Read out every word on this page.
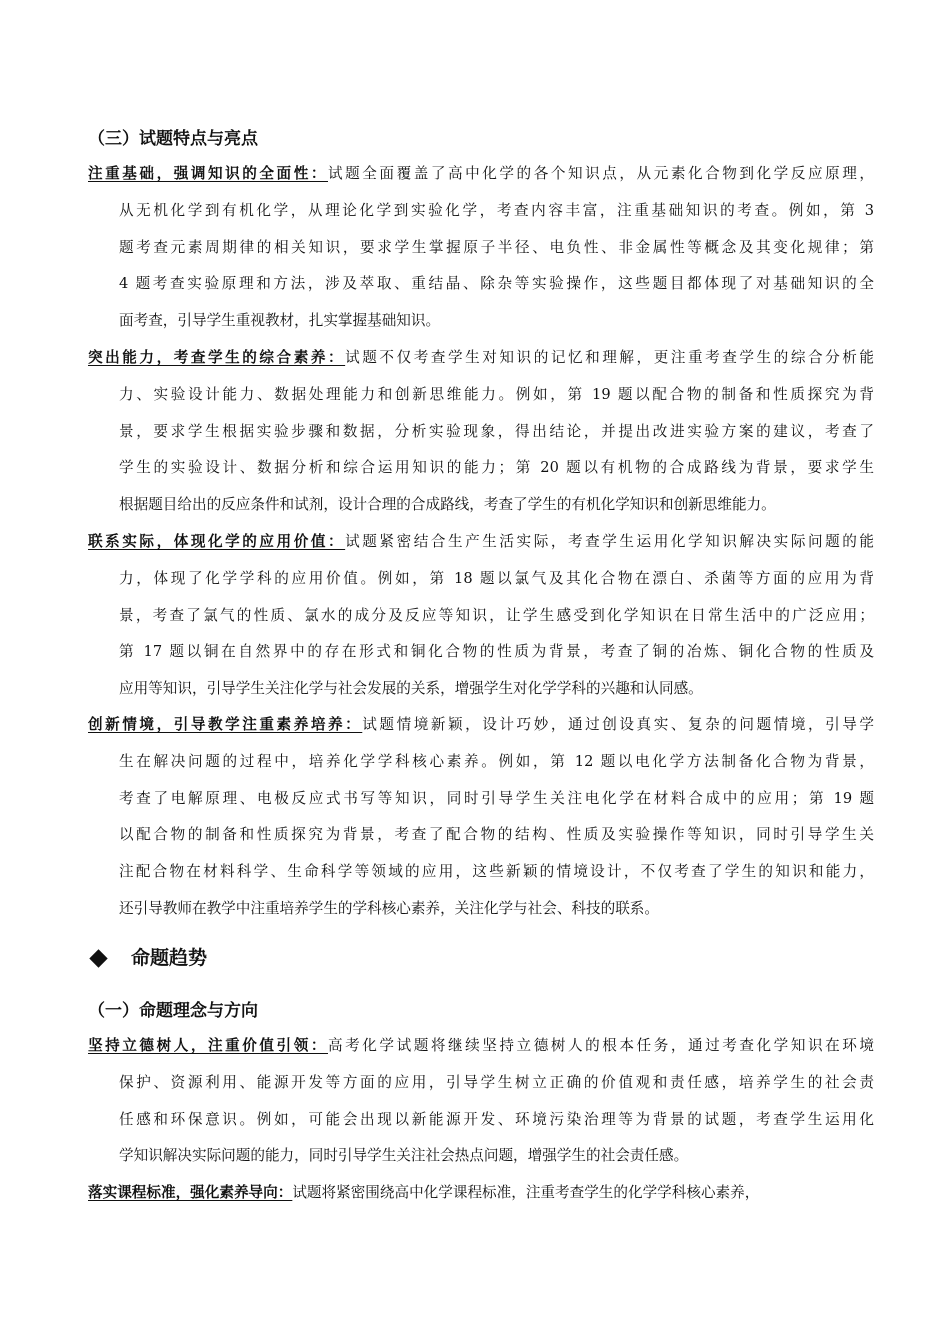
（三）试题特点与亮点
注重基础，强调知识的全面性：试题全面覆盖了高中化学的各个知识点，从元素化合物到化学反应原理，
从无机化学到有机化学，从理论化学到实验化学，考查内容丰富，注重基础知识的考查。例如，第 3
题考查元素周期律的相关知识，要求学生掌握原子半径、电负性、非金属性等概念及其变化规律；第
4 题考查实验原理和方法，涉及萃取、重结晶、除杂等实验操作，这些题目都体现了对基础知识的全
面考查，引导学生重视教材，扎实掌握基础知识。
突出能力，考查学生的综合素养：试题不仅考查学生对知识的记忆和理解，更注重考查学生的综合分析能
力、实验设计能力、数据处理能力和创新思维能力。例如，第 19 题以配合物的制备和性质探究为背
景，要求学生根据实验步骤和数据，分析实验现象，得出结论，并提出改进实验方案的建议，考查了
学生的实验设计、数据分析和综合运用知识的能力；第 20 题以有机物的合成路线为背景，要求学生
根据题目给出的反应条件和试剂，设计合理的合成路线，考查了学生的有机化学知识和创新思维能力。
联系实际，体现化学的应用价值：试题紧密结合生产生活实际，考查学生运用化学知识解决实际问题的能
力，体现了化学学科的应用价值。例如，第 18 题以氯气及其化合物在漂白、杀菌等方面的应用为背
景，考查了氯气的性质、氯水的成分及反应等知识，让学生感受到化学知识在日常生活中的广泛应用；
第 17 题以铜在自然界中的存在形式和铜化合物的性质为背景，考查了铜的冶炼、铜化合物的性质及
应用等知识，引导学生关注化学与社会发展的关系，增强学生对化学学科的兴趣和认同感。
创新情境，引导教学注重素养培养：试题情境新颖，设计巧妙，通过创设真实、复杂的问题情境，引导学
生在解决问题的过程中，培养化学学科核心素养。例如，第 12 题以电化学方法制备化合物为背景，
考查了电解原理、电极反应式书写等知识，同时引导学生关注电化学在材料合成中的应用；第 19 题
以配合物的制备和性质探究为背景，考查了配合物的结构、性质及实验操作等知识，同时引导学生关
注配合物在材料科学、生命科学等领域的应用，这些新颖的情境设计，不仅考查了学生的知识和能力，
还引导教师在教学中注重培养学生的学科核心素养，关注化学与社会、科技的联系。
命题趋势
（一）命题理念与方向
坚持立德树人，注重价值引领：高考化学试题将继续坚持立德树人的根本任务，通过考查化学知识在环境
保护、资源利用、能源开发等方面的应用，引导学生树立正确的价值观和责任感，培养学生的社会责
任感和环保意识。例如，可能会出现以新能源开发、环境污染治理等为背景的试题，考查学生运用化
学知识解决实际问题的能力，同时引导学生关注社会热点问题，增强学生的社会责任感。
落实课程标准，强化素养导向：试题将紧密围绕高中化学课程标准，注重考查学生的化学学科核心素养，
